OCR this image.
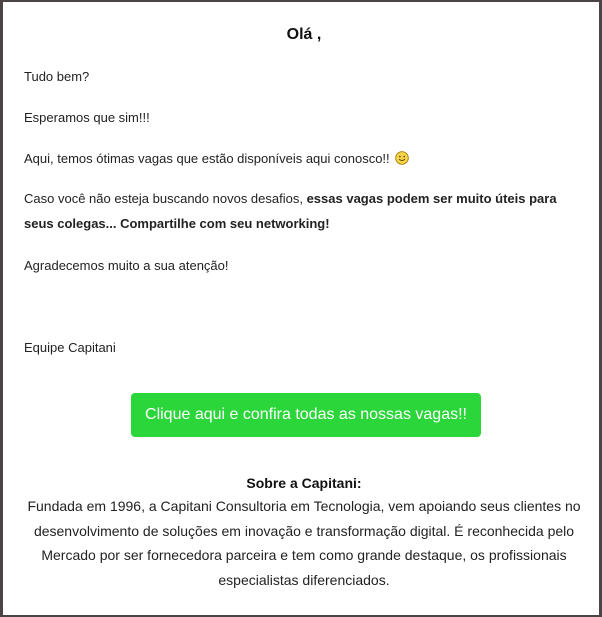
Olá ,

Tudo bem?

Esperamos que sim!!!

Aqui, temos ótimas vagas que estão disponíveis aqui conosco!!

Caso você não esteja buscando novos desafios, essas vagas podem ser muito úteis para seus colegas... Compartilhe com seu networking!

Agradecemos muito a sua atenção!

Equipe Capitani

Clique aqui e confira todas as nossas vagas!!

Sobre a Capitani:

Fundada em 1996, a Capitani Consultoria em Tecnologia, vem apoiando seus clientes no desenvolvimento de soluções em inovação e transformação digital. É reconhecida pelo Mercado por ser fornecedora parceira e tem como grande destaque, os profissionais especialistas diferenciados.
